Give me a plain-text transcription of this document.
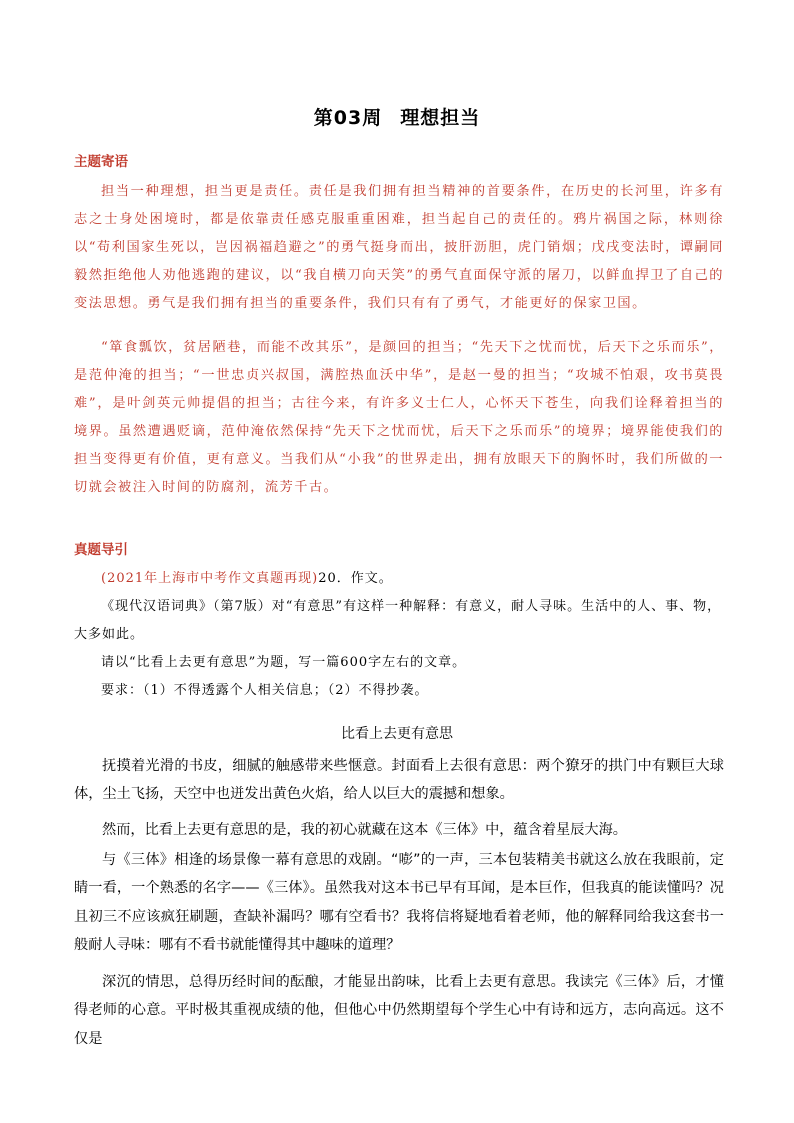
第03周 理想担当
主题寄语
担当一种理想，担当更是责任。责任是我们拥有担当精神的首要条件，在历史的长河里，许多有志之士身处困境时，都是依靠责任感克服重重困难，担当起自己的责任的。鸦片祸国之际，林则徐以“苟利国家生死以，岂因祸福趋避之”的勇气挺身而出，披肝沥胆，虎门销烟；戊戌变法时，谭嗣同毅然拒绝他人劝他逃跑的建议，以“我自横刀向天笑”的勇气直面保守派的屠刀，以鲜血捍卫了自己的变法思想。勇气是我们拥有担当的重要条件，我们只有有了勇气，才能更好的保家卫国。
“箪食瓢饮，贫居陋巷，而能不改其乐”，是颜回的担当；“先天下之忧而忧，后天下之乐而乐”，是范仲淹的担当；“一世忠贞兴叔国，满腔热血沃中华”，是赵一曼的担当；“攻城不怕艰，攻书莫畏难”，是叶剑英元帅提倡的担当；古往今来，有许多义士仁人，心怀天下苍生，向我们诠释着担当的境界。虽然遭遇贬谪，范仲淹依然保持“先天下之忧而忧，后天下之乐而乐”的境界；境界能使我们的担当变得更有价值，更有意义。当我们从“小我”的世界走出，拥有放眼天下的胸怀时，我们所做的一切就会被注入时间的防腐剂，流芳千古。
真题导引
(2021年上海市中考作文真题再现)20．作文。
《现代汉语词典》（第7版）对“有意思”有这样一种解释：有意义，耐人寻味。生活中的人、事、物，大多如此。
请以“比看上去更有意思”为题，写一篇600字左右的文章。
要求：（1）不得透露个人相关信息；（2）不得抄袭。
比看上去更有意思
抚摸着光滑的书皮，细腻的触感带来些惬意。封面看上去很有意思：两个獠牙的拱门中有颗巨大球体，尘土飞扬，天空中也迸发出黄色火焰，给人以巨大的震撼和想象。
然而，比看上去更有意思的是，我的初心就藏在这本《三体》中，蕴含着星辰大海。
与《三体》相逢的场景像一幕有意思的戏剧。“嘭”的一声，三本包装精美书就这么放在我眼前，定睛一看，一个熟悉的名字——《三体》。虽然我对这本书已早有耳闻，是本巨作，但我真的能读懂吗？况且初三不应该疯狂刷题，查缺补漏吗？哪有空看书？我将信将疑地看着老师，他的解释同给我这套书一般耐人寻味：哪有不看书就能懂得其中趣味的道理？
深沉的情思，总得历经时间的酝酿，才能显出韵味，比看上去更有意思。我读完《三体》后，才懂得老师的心意。平时极其重视成绩的他，但他心中仍然期望每个学生心中有诗和远方，志向高远。这不仅是
